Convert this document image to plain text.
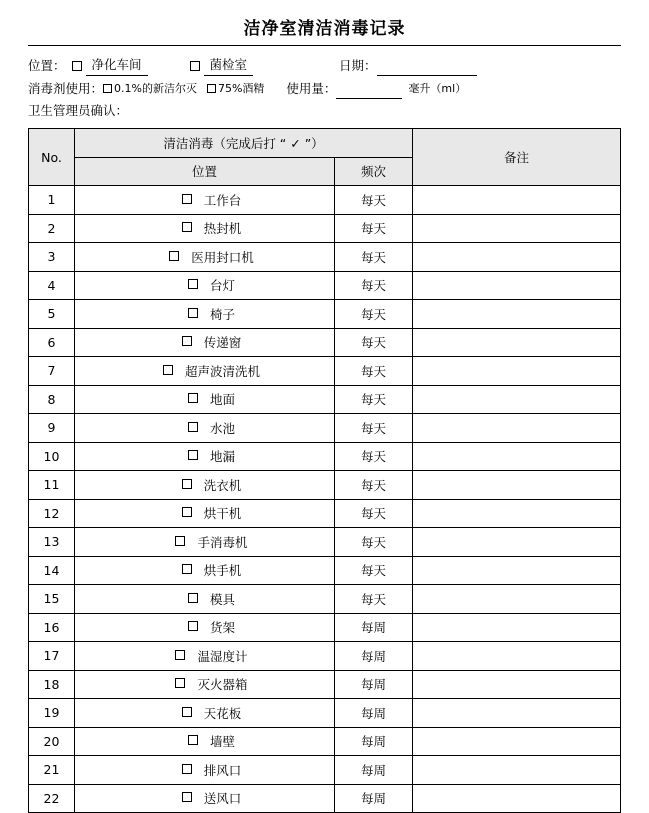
洁净室清洁消毒记录
位置：	净化车间	菌检室	日期：

消毒剂使用： 0.1%的新洁尔灭 75%酒精 使用量：
	毫升（ml）
卫生管理员确认：
No.	清洁消毒（完成后打 “ ✓ ”）		备注
	位置	频次	
1	工作台	每天	
2	热封机	每天	
3	医用封口机	每天	
4	台灯	每天	
5	椅子	每天	
6	传递窗	每天	
7	超声波清洗机	每天	
8	地面	每天	
9	水池	每天	
10	地漏	每天	
11	洗衣机	每天	
12	烘干机	每天	
13	手消毒机	每天	
14	烘手机	每天	
15	模具	每天	
16	货架	每周	
17	温湿度计	每周	
18	灭火器箱	每周	
19	天花板	每周	
20	墙壁	每周	
21	排风口	每周	
22	送风口	每周	
